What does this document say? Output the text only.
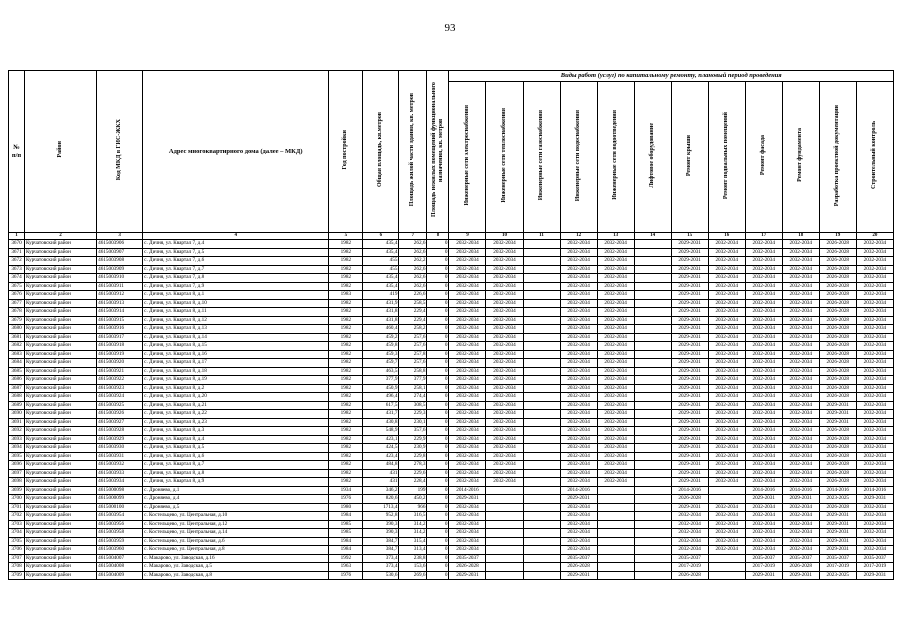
93
№ п/п	Район	Код МКД в ГИС-ЖКХ	Адрес многоквартирного дома (далее – МКД)	Год постройки	Общая площадь, кв.метров	Площадь жилой части здания, кв. метров	Площадь нежилых помещений функционального назначения, кв. метров	Виды работ (услуг) по капитальному ремонту, плановый период проведения											
								Инженерные сети электроснабжения	Инженерные сети теплоснабжения	Инженерные сети газоснабжения	Инженерные сети водоснабжения	Инженерные сети водоотведения	Лифтовое оборудование	Ремонт крыши	Ремонт подвальных помещений	Ремонт фасада	Ремонт фундамента	Разработка проектной документации	Строительный контроль
1	2	3	4	5	6	7	8	9	10	11	12	13	14	15	16	17	18	19	20
3670	Курчатовский район	4615003906	с. Дичня, ул. Квартал 7, д.4	1982	435,4	262,6	0	2032-2034	2032-2034		2032-2034	2032-2034		2029-2031	2032-2034	2032-2034	2032-2034	2026-2028	2032-2034
3671	Курчатовский район	4615003907	с. Дичня, ул. Квартал 7, д.5	1982	435,4	262,6	0	2032-2034	2032-2034		2032-2034	2032-2034		2029-2031	2032-2034	2032-2034	2032-2034	2026-2028	2032-2034
3672	Курчатовский район	4615003908	с. Дичня, ул. Квартал 7, д.6	1982	455	262,2	0	2032-2034	2032-2034		2032-2034	2032-2034		2029-2031	2032-2034	2032-2034	2032-2034	2026-2028	2032-2034
3673	Курчатовский район	4615003909	с. Дичня, ул. Квартал 7, д.7	1982	455	262,6	0	2032-2034	2032-2034		2032-2034	2032-2034		2029-2031	2032-2034	2032-2034	2032-2034	2026-2028	2032-2034
3674	Курчатовский район	4615003910	с. Дичня, ул. Квартал 7, д.8	1982	435,4	262,6	0	2032-2034	2032-2034		2032-2034	2032-2034		2029-2031	2032-2034	2032-2034	2032-2034	2026-2028	2032-2034
3675	Курчатовский район	4615003911	с. Дичня, ул. Квартал 7, д.9	1982	435,4	262,6	0	2032-2034	2032-2034		2032-2034	2032-2034		2029-2031	2032-2034	2032-2034	2032-2034	2026-2028	2032-2034
3676	Курчатовский район	4615003912	с. Дичня, ул. Квартал 8, д.1	1983	419	226,6	0	2032-2034	2032-2034		2032-2034	2032-2034		2029-2031	2032-2034	2032-2034	2032-2034	2026-2028	2032-2034
3677	Курчатовский район	4615003913	с. Дичня, ул. Квартал 8, д.10	1982	431,9	258,5	0	2032-2034	2032-2034		2032-2034	2032-2034		2029-2031	2032-2034	2032-2034	2032-2034	2026-2028	2032-2034
3678	Курчатовский район	4615003914	с. Дичня, ул. Квартал 8, д.11	1982	431,8	229,4	0	2032-2034	2032-2034		2032-2034	2032-2034		2029-2031	2032-2034	2032-2034	2032-2034	2026-2028	2032-2034
3679	Курчатовский район	4615003915	с. Дичня, ул. Квартал 8, д.12	1982	431,8	229,4	0	2032-2034	2032-2034		2032-2034	2032-2034		2029-2031	2032-2034	2032-2034	2032-2034	2026-2028	2032-2034
3680	Курчатовский район	4615003916	с. Дичня, ул. Квартал 8, д.13	1982	460,4	258,2	0	2032-2034	2032-2034		2032-2034	2032-2034		2029-2031	2032-2034	2032-2034	2032-2034	2026-2028	2032-2034
3681	Курчатовский район	4615003917	с. Дичня, ул. Квартал 8, д.14	1982	459,2	257,6	0	2032-2034	2032-2034		2032-2034	2032-2034		2029-2031	2032-2034	2032-2034	2032-2034	2026-2028	2032-2034
3682	Курчатовский район	4615003918	с. Дичня, ул. Квартал 8, д.15	1982	459,8	257,6	0	2032-2034	2032-2034		2032-2034	2032-2034		2029-2031	2032-2034	2032-2034	2032-2034	2026-2028	2032-2034
3683	Курчатовский район	4615003919	с. Дичня, ул. Квартал 8, д.16	1982	459,3	257,8	0	2032-2034	2032-2034		2032-2034	2032-2034		2029-2031	2032-2034	2032-2034	2032-2034	2026-2028	2032-2034
3684	Курчатовский район	4615003920	с. Дичня, ул. Квартал 8, д.17	1982	459,7	257,6	0	2032-2034	2032-2034		2032-2034	2032-2034		2029-2031	2032-2034	2032-2034	2032-2034	2026-2028	2032-2034
3685	Курчатовский район	4615003921	с. Дичня, ул. Квартал 8, д.18	1982	463,5	258,8	0	2032-2034	2032-2034		2032-2034	2032-2034		2029-2031	2032-2034	2032-2034	2032-2034	2026-2028	2032-2034
3686	Курчатовский район	4615003922	с. Дичня, ул. Квартал 8, д.19	1982	377,9	377,9	0	2032-2034	2032-2034		2032-2034	2032-2034		2029-2031	2032-2034	2032-2034	2032-2034	2026-2028	2032-2034
3687	Курчатовский район	4615003923	с. Дичня, ул. Квартал 8, д.2	1982	450,9	258,1	0	2032-2034	2032-2034		2032-2034	2032-2034		2029-2031	2032-2034	2032-2034	2032-2034	2026-2028	2032-2034
3688	Курчатовский район	4615003924	с. Дичня, ул. Квартал 8, д.20	1982	496,4	274,4	0	2032-2034	2032-2034		2032-2034	2032-2034		2029-2031	2032-2034	2032-2034	2032-2034	2026-2028	2032-2034
3689	Курчатовский район	4615003925	с. Дичня, ул. Квартал 8, д.21	1982	617,5	308,5	0	2032-2034	2032-2034		2032-2034	2032-2034		2029-2031	2032-2034	2032-2034	2032-2034	2029-2031	2032-2034
3690	Курчатовский район	4615003926	с. Дичня, ул. Квартал 8, д.22	1982	431,7	229,3	0	2032-2034	2032-2034		2032-2034	2032-2034		2029-2031	2032-2034	2032-2034	2032-2034	2029-2031	2032-2034
3691	Курчатовский район	4615003927	с. Дичня, ул. Квартал 8, д.23	1982	430,8	230,1	0	2032-2034	2032-2034		2032-2034	2032-2034		2029-2031	2032-2034	2032-2034	2032-2034	2029-2031	2032-2034
3692	Курчатовский район	4615003928	с. Дичня, ул. Квартал 8, д.3	1982	548,9	357,6	0	2032-2034	2032-2034		2032-2034	2032-2034		2029-2031	2032-2034	2032-2034	2032-2034	2026-2028	2032-2034
3693	Курчатовский район	4615003929	с. Дичня, ул. Квартал 8, д.4	1982	423,1	229,9	0	2032-2034	2032-2034		2032-2034	2032-2034		2029-2031	2032-2034	2032-2034	2032-2034	2026-2028	2032-2034
3694	Курчатовский район	4615003930	с. Дичня, ул. Квартал 8, д.5	1982	424,5	230,9	0	2032-2034	2032-2034		2032-2034	2032-2034		2029-2031	2032-2034	2032-2034	2032-2034	2026-2028	2032-2034
3695	Курчатовский район	4615003931	с. Дичня, ул. Квартал 8, д.6	1982	423,4	229,8	0	2032-2034	2032-2034		2032-2034	2032-2034		2029-2031	2032-2034	2032-2034	2032-2034	2026-2028	2032-2034
3696	Курчатовский район	4615003932	с. Дичня, ул. Квартал 8, д.7	1982	484,8	278,3	0	2032-2034	2032-2034		2032-2034	2032-2034		2029-2031	2032-2034	2032-2034	2032-2034	2026-2028	2032-2034
3697	Курчатовский район	4615003933	с. Дичня, ул. Квартал 8, д.8	1982	431	229,6	0	2032-2034	2032-2034		2032-2034	2032-2034		2029-2031	2032-2034	2032-2034	2032-2034	2026-2028	2032-2034
3698	Курчатовский район	4615003934	с. Дичня, ул. Квартал 8, д.9	1982	431	228,4	0	2032-2034	2032-2034		2032-2034	2032-2034		2029-2031	2032-2034	2032-2034	2032-2034	2026-2028	2032-2034
3699	Курчатовский район	4615000098	с. Дроняево, д.1	1934	346,2	199	0	2014-2016			2014-2016			2014-2016		2014-2016	2014-2016	2014-2016	2014-2016
3700	Курчатовский район	4615000099	с. Дроняево, д.4	1976	820,6	450,2	0	2029-2031			2029-2031			2026-2028		2029-2031	2029-2031	2023-2025	2029-2031
3701	Курчатовский район	4615000100	с. Дроняево, д.5	1980	1713,4	966	0	2032-2034			2032-2034			2029-2031	2032-2034	2032-2034	2032-2034	2026-2028	2032-2034
3702	Курчатовский район	4615003954	с. Костельцево, ул. Центральная, д.10	1984	952,8	316,5	0	2032-2034			2032-2034			2032-2034	2032-2034	2032-2034	2032-2034	2029-2031	2032-2034
3703	Курчатовский район	4615003956	с. Костельцево, ул. Центральная, д.12	1985	390,3	314,2	0	2032-2034			2032-2034			2032-2034	2032-2034	2032-2034	2032-2034	2029-2031	2032-2034
3704	Курчатовский район	4615003958	с. Костельцево, ул. Центральная, д.14	1985	390,3	314,2	0	2032-2034			2032-2034			2032-2034	2032-2034	2032-2034	2032-2034	2029-2031	2032-2034
3705	Курчатовский район	4615003959	с. Костельцево, ул. Центральная, д.6	1984	384,7	315,4	0	2032-2034			2032-2034			2032-2034	2032-2034	2032-2034	2032-2034	2029-2031	2032-2034
3706	Курчатовский район	4615003960	с. Костельцево, ул. Центральная, д.8	1984	384,7	313,4	0	2032-2034			2032-2034			2032-2034	2032-2034	2032-2034	2032-2034	2029-2031	2032-2034
3707	Курчатовский район	4615004007	с. Макарово, ул. Заводская, д.16	1992	373,4	238,8	0	2035-2037			2035-2037			2035-2037		2035-2037	2035-2037	2035-2037	2035-2037
3708	Курчатовский район	4615004008	с. Макарово, ул. Заводская, д.5	1963	373,4	153,6	0	2026-2028			2026-2028			2017-2019		2017-2019	2026-2028	2017-2019	2017-2019
3709	Курчатовский район	4615004009	с. Макарово, ул. Заводская, д.8	1976	530,6	269,6	0	2029-2031			2029-2031			2026-2028		2029-2031	2029-2031	2023-2025	2029-2031
